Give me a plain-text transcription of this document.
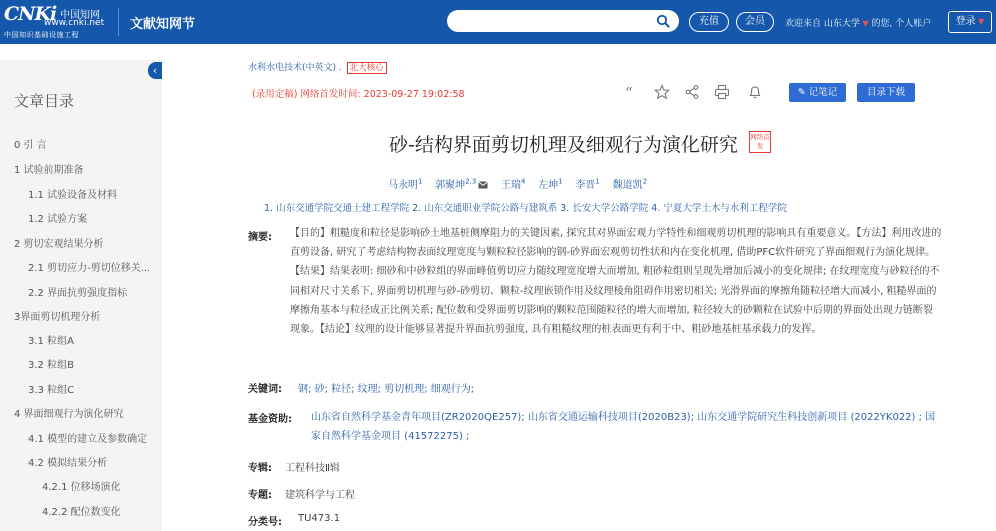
CNKi 中国知网
www.cnki.net
中国知识基础设施工程
文献知网节	充值	会员	欢迎来自 山东大学 ▼ 的您, 个人账户	登录 ▼
文章目录
0 引 言
1 试验前期准备
1.1 试验设备及材料
1.2 试验方案
2 剪切宏观结果分析
2.1 剪切应力-剪切位移关...
2.2 界面抗剪强度指标
3界面剪切机理分析
3.1 粒组A
3.2 粒组B
3.3 粒组C
4 界面细观行为演化研究
4.1 模型的建立及参数确定
4.2 模拟结果分析
4.2.1 位移场演化
4.2.2 配位数变化
‹	水利水电技术(中英文) . 北大核心
(录用定稿) 网络首发时间: 2023-09-27 19:02:58	“	✎ 记笔记	目录下载
砂-结构界面剪切机理及细观行为演化研究 网络首发
马永明$^1$ 郭聚坤$^{2,3}$ 王瑞$^4$ 左坤$^1$ 李晋$^1$ 魏道凯$^2$
1. 山东交通学院交通土建工程学院 2. 山东交通职业学院公路与建筑系 3. 长安大学公路学院 4. 宁夏大学土木与水利工程学院
摘要: 【目的】粗糙度和粒径是影响砂土地基桩侧摩阻力的关键因素, 探究其对界面宏观力学特性和细观剪切机理的影响具有重要意义。【方法】利用改进的直剪设备, 研究了考虑结构物表面纹理宽度与颗粒粒径影响的钢-砂界面宏观剪切性状和内在变化机理, 借助PFC软件研究了界面细观行为演化规律。【结果】结果表明: 细砂和中砂粒组的界面峰值剪切应力随纹理宽度增大而增加, 粗砂粒组则呈现先增加后减小的变化规律; 在纹理宽度与砂粒径的不同相对尺寸关系下, 界面剪切机理与砂-砂剪切、颗粒-纹理嵌锁作用及纹理棱角阻碍作用密切相关; 光滑界面的摩擦角随粒径增大而减小, 粗糙界面的摩擦角基本与粒径成正比例关系; 配位数和受界面剪切影响的颗粒范围随粒径的增大而增加, 粒径较大的砂颗粒在试验中后期的界面处出现力链断裂现象。【结论】纹理的设计能够显著提升界面抗剪强度, 具有粗糙纹理的桩表面更有利于中、粗砂地基桩基承载力的发挥。
关键词: 钢; 砂; 粒径; 纹理; 剪切机理; 细观行为;
基金资助: 山东省自然科学基金青年项目(ZR2020QE257); 山东省交通运输科技项目(2020B23); 山东交通学院研究生科技创新项目 (2022YK022) ; 国家自然科学基金项目 (41572275) ;
专辑: 工程科技Ⅱ辑
专题: 建筑科学与工程
分类号: TU473.1
